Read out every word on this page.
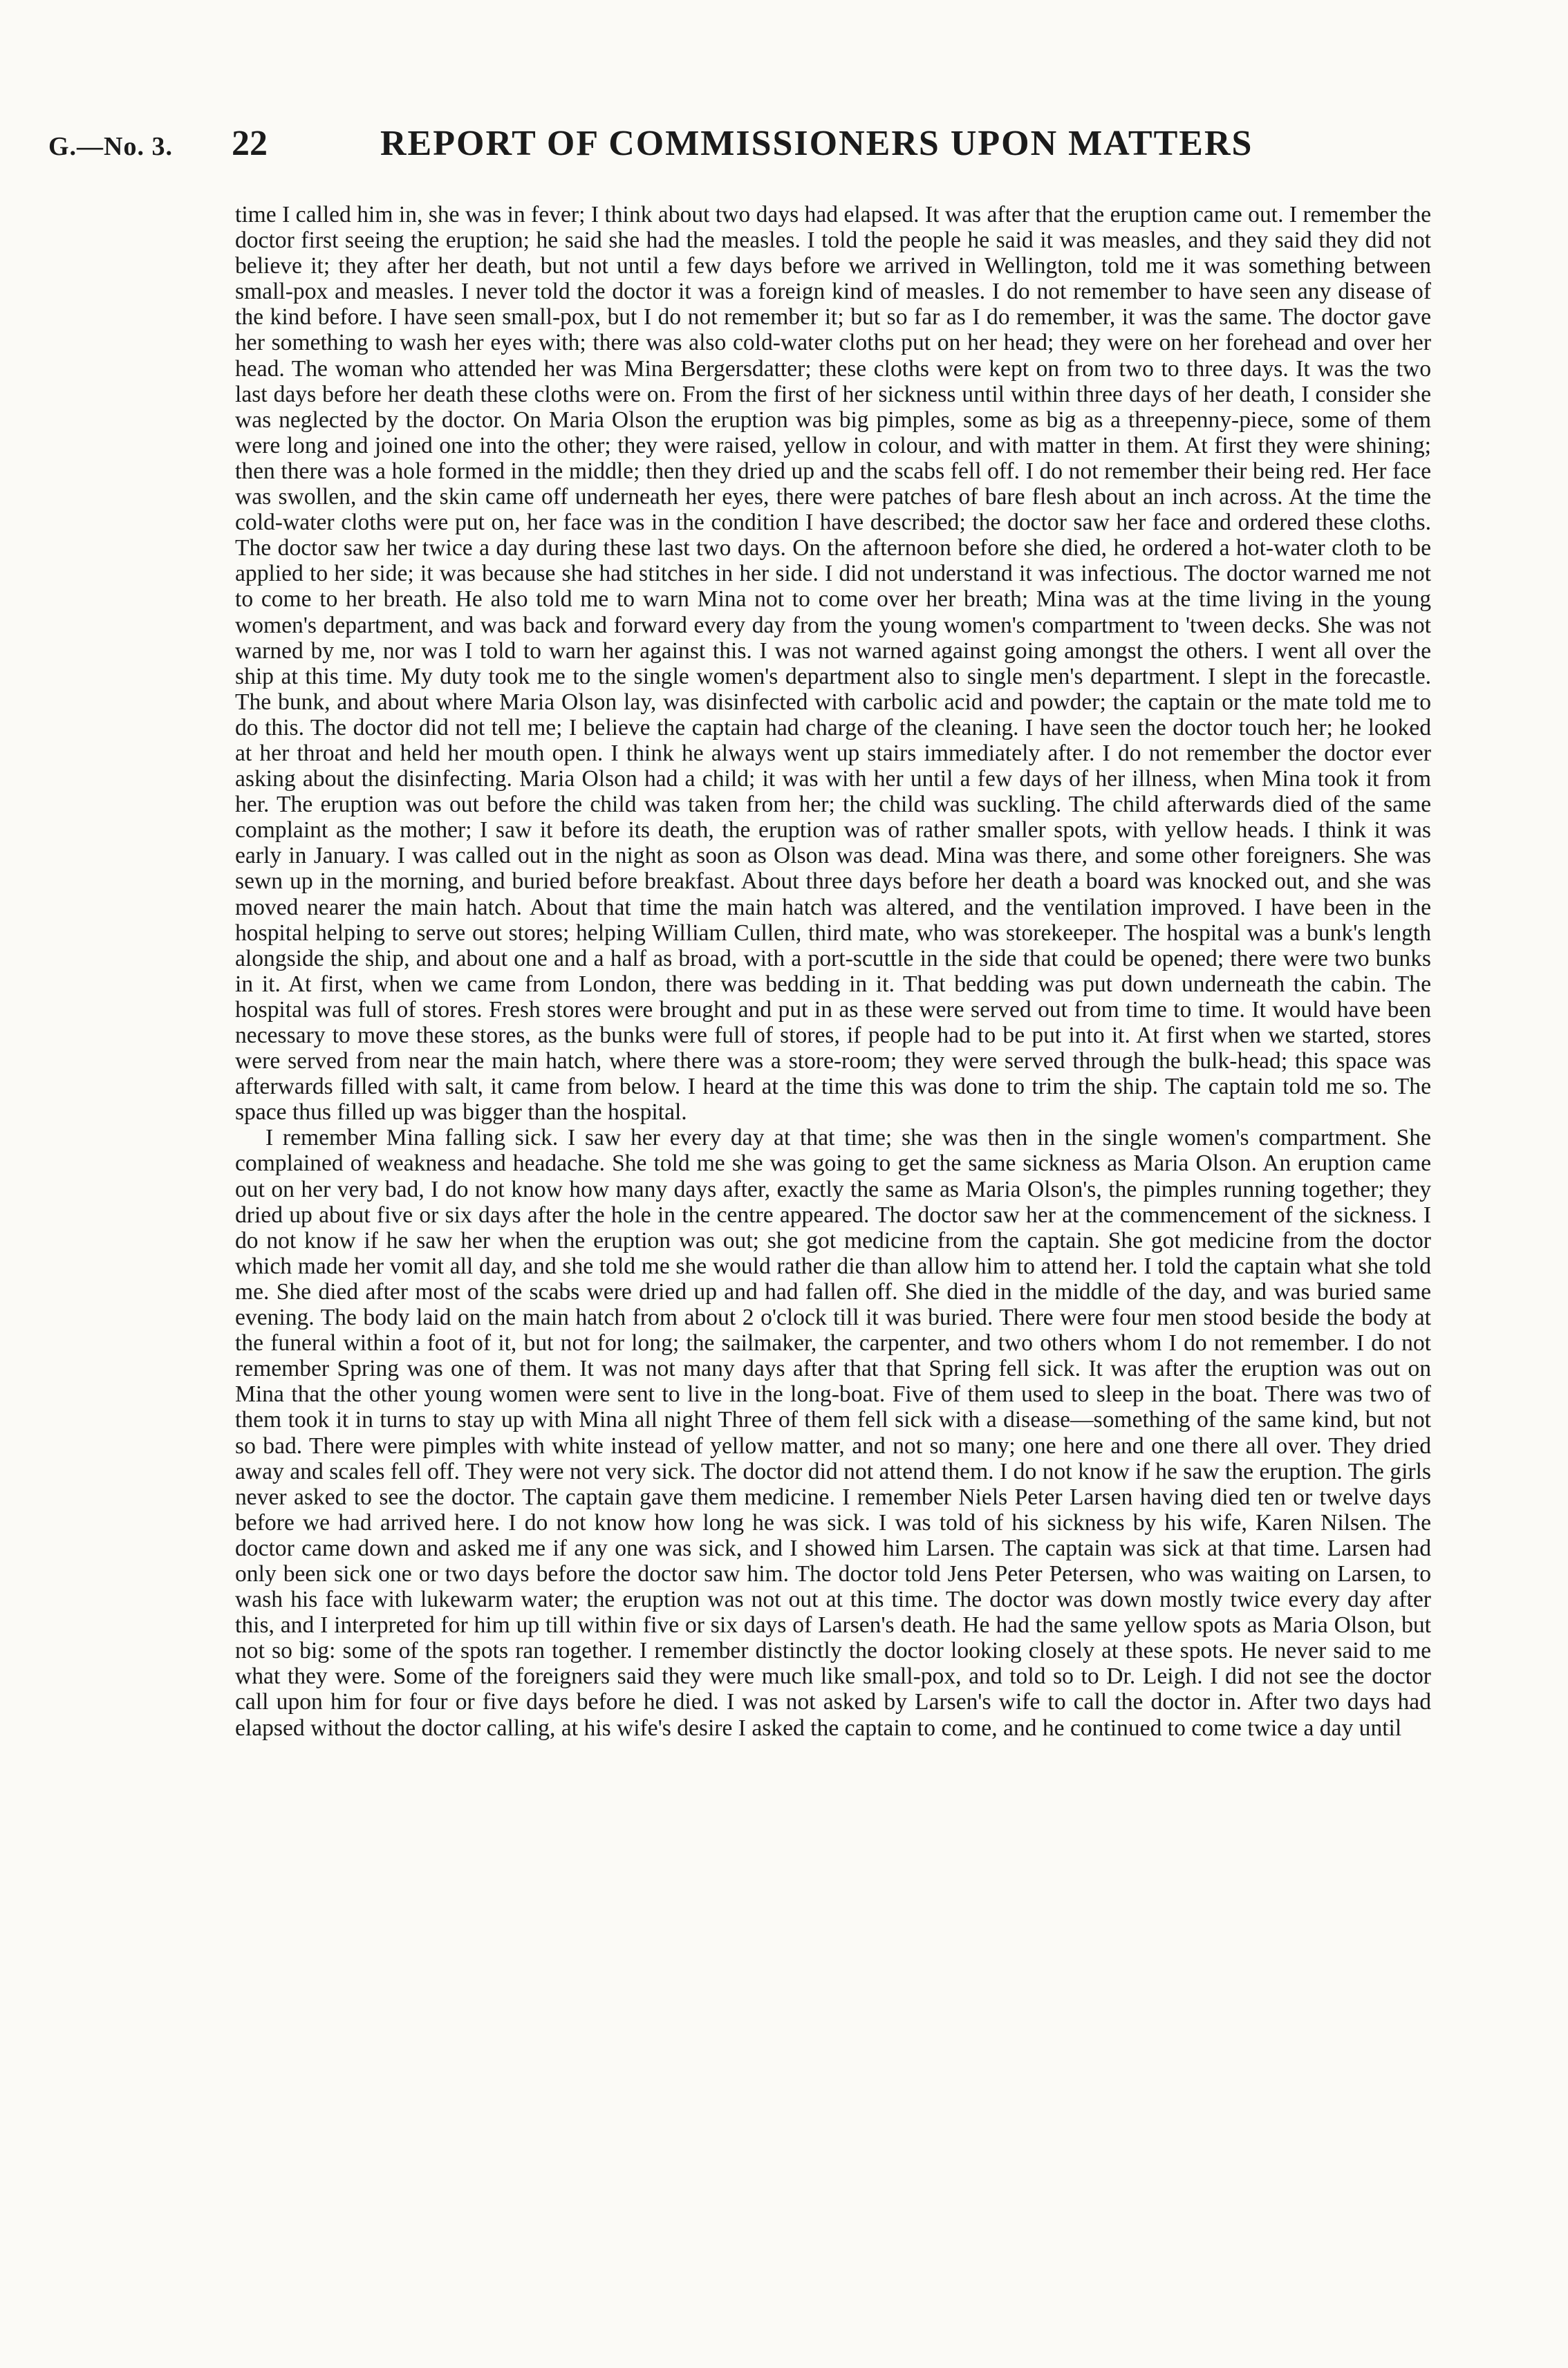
G.—No. 3. 22	REPORT OF COMMISSIONERS UPON MATTERS

time I called him in, she was in fever; I think about two days had elapsed. It was after that the eruption came out. I remember the doctor first seeing the eruption; he said she had the measles. I told the people he said it was measles, and they said they did not believe it; they after her death, but not until a few days before we arrived in Wellington, told me it was something between small-pox and measles. I never told the doctor it was a foreign kind of measles. I do not remember to have seen any disease of the kind before. I have seen small-pox, but I do not remember it; but so far as I do remember, it was the same. The doctor gave her something to wash her eyes with; there was also cold-water cloths put on her head; they were on her forehead and over her head. The woman who attended her was Mina Bergersdatter; these cloths were kept on from two to three days. It was the two last days before her death these cloths were on. From the first of her sickness until within three days of her death, I consider she was neglected by the doctor. On Maria Olson the eruption was big pimples, some as big as a threepenny-piece, some of them were long and joined one into the other; they were raised, yellow in colour, and with matter in them. At first they were shining; then there was a hole formed in the middle; then they dried up and the scabs fell off. I do not remember their being red. Her face was swollen, and the skin came off underneath her eyes, there were patches of bare flesh about an inch across. At the time the cold-water cloths were put on, her face was in the condition I have described; the doctor saw her face and ordered these cloths. The doctor saw her twice a day during these last two days. On the afternoon before she died, he ordered a hot-water cloth to be applied to her side; it was because she had stitches in her side. I did not understand it was infectious. The doctor warned me not to come to her breath. He also told me to warn Mina not to come over her breath; Mina was at the time living in the young women's department, and was back and forward every day from the young women's compartment to 'tween decks. She was not warned by me, nor was I told to warn her against this. I was not warned against going amongst the others. I went all over the ship at this time. My duty took me to the single women's department also to single men's department. I slept in the forecastle. The bunk, and about where Maria Olson lay, was disinfected with carbolic acid and powder; the captain or the mate told me to do this. The doctor did not tell me; I believe the captain had charge of the cleaning. I have seen the doctor touch her; he looked at her throat and held her mouth open. I think he always went up stairs immediately after. I do not remember the doctor ever asking about the disinfecting. Maria Olson had a child; it was with her until a few days of her illness, when Mina took it from her. The eruption was out before the child was taken from her; the child was suckling. The child afterwards died of the same complaint as the mother; I saw it before its death, the eruption was of rather smaller spots, with yellow heads. I think it was early in January. I was called out in the night as soon as Olson was dead. Mina was there, and some other foreigners. She was sewn up in the morning, and buried before breakfast. About three days before her death a board was knocked out, and she was moved nearer the main hatch. About that time the main hatch was altered, and the ventilation improved. I have been in the hospital helping to serve out stores; helping William Cullen, third mate, who was storekeeper. The hospital was a bunk's length alongside the ship, and about one and a half as broad, with a port-scuttle in the side that could be opened; there were two bunks in it. At first, when we came from London, there was bedding in it. That bedding was put down underneath the cabin. The hospital was full of stores. Fresh stores were brought and put in as these were served out from time to time. It would have been necessary to move these stores, as the bunks were full of stores, if people had to be put into it. At first when we started, stores were served from near the main hatch, where there was a store-room; they were served through the bulk-head; this space was afterwards filled with salt, it came from below. I heard at the time this was done to trim the ship. The captain told me so. The space thus filled up was bigger than the hospital.

I remember Mina falling sick. I saw her every day at that time; she was then in the single women's compartment. She complained of weakness and headache. She told me she was going to get the same sickness as Maria Olson. An eruption came out on her very bad, I do not know how many days after, exactly the same as Maria Olson's, the pimples running together; they dried up about five or six days after the hole in the centre appeared. The doctor saw her at the commencement of the sickness. I do not know if he saw her when the eruption was out; she got medicine from the captain. She got medicine from the doctor which made her vomit all day, and she told me she would rather die than allow him to attend her. I told the captain what she told me. She died after most of the scabs were dried up and had fallen off. She died in the middle of the day, and was buried same evening. The body laid on the main hatch from about 2 o'clock till it was buried. There were four men stood beside the body at the funeral within a foot of it, but not for long; the sailmaker, the carpenter, and two others whom I do not remember. I do not remember Spring was one of them. It was not many days after that that Spring fell sick. It was after the eruption was out on Mina that the other young women were sent to live in the long-boat. Five of them used to sleep in the boat. There was two of them took it in turns to stay up with Mina all night Three of them fell sick with a disease—something of the same kind, but not so bad. There were pimples with white instead of yellow matter, and not so many; one here and one there all over. They dried away and scales fell off. They were not very sick. The doctor did not attend them. I do not know if he saw the eruption. The girls never asked to see the doctor. The captain gave them medicine. I remember Niels Peter Larsen having died ten or twelve days before we had arrived here. I do not know how long he was sick. I was told of his sickness by his wife, Karen Nilsen. The doctor came down and asked me if any one was sick, and I showed him Larsen. The captain was sick at that time. Larsen had only been sick one or two days before the doctor saw him. The doctor told Jens Peter Petersen, who was waiting on Larsen, to wash his face with lukewarm water; the eruption was not out at this time. The doctor was down mostly twice every day after this, and I interpreted for him up till within five or six days of Larsen's death. He had the same yellow spots as Maria Olson, but not so big: some of the spots ran together. I remember distinctly the doctor looking closely at these spots. He never said to me what they were. Some of the foreigners said they were much like small-pox, and told so to Dr. Leigh. I did not see the doctor call upon him for four or five days before he died. I was not asked by Larsen's wife to call the doctor in. After two days had elapsed without the doctor calling, at his wife's desire I asked the captain to come, and he continued to come twice a day until
